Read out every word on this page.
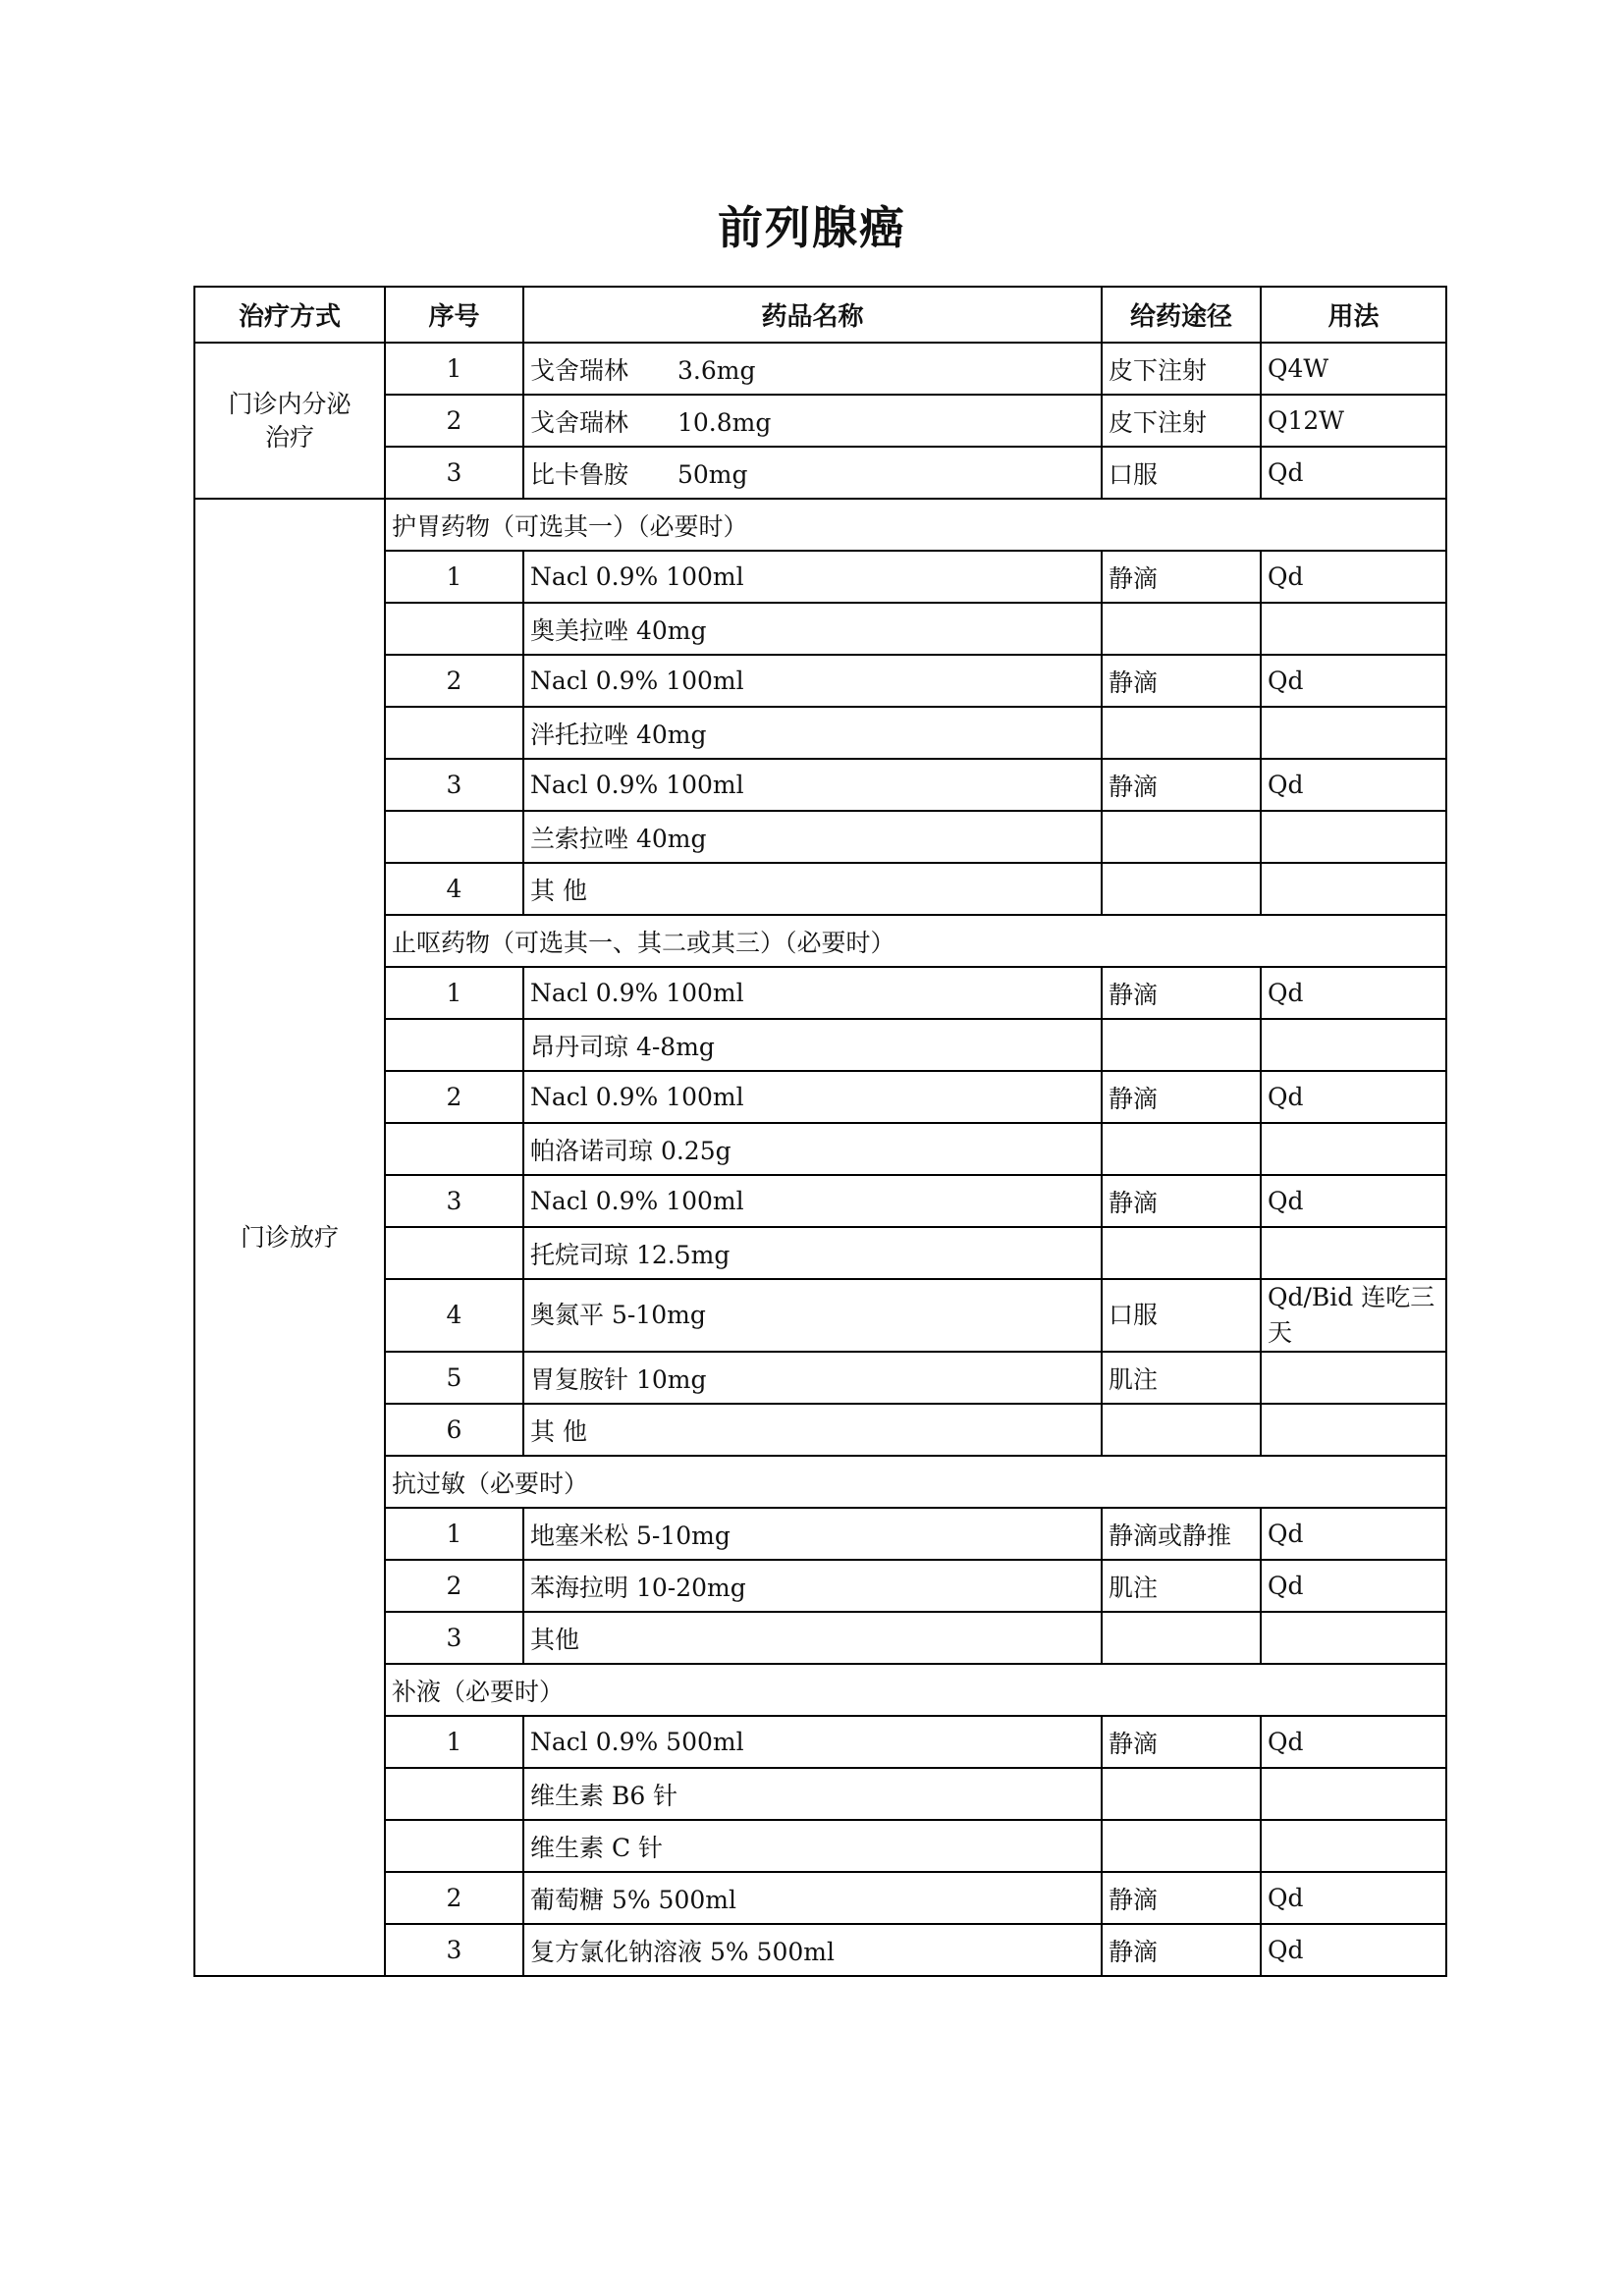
前列腺癌
治疗方式	序号	药品名称	给药途径	用法

门诊内分泌
治疗	1	戈舍瑞林　　3.6mg	皮下注射	Q4W
	2	戈舍瑞林　　10.8mg	皮下注射	Q12W
	3	比卡鲁胺　　50mg	口服	Qd
门诊放疗	护胃药物（可选其一）（必要时）			
	1	Nacl 0.9% 100ml	静滴	Qd
		奥美拉唑 40mg		
	2	Nacl 0.9% 100ml	静滴	Qd
		泮托拉唑 40mg		
	3	Nacl 0.9% 100ml	静滴	Qd
		兰索拉唑 40mg		
	4	其 他		
	止呕药物（可选其一、其二或其三）（必要时）			
	1	Nacl 0.9% 100ml	静滴	Qd
		昂丹司琼 4-8mg		
	2	Nacl 0.9% 100ml	静滴	Qd
		帕洛诺司琼 0.25g		
	3	Nacl 0.9% 100ml	静滴	Qd
		托烷司琼 12.5mg		
	4	奥氮平 5-10mg	口服	Qd/Bid 连吃三天
	5	胃复胺针 10mg	肌注	
	6	其 他		
	抗过敏（必要时）			
	1	地塞米松 5-10mg	静滴或静推	Qd
	2	苯海拉明 10-20mg	肌注	Qd
	3	其他		
	补液（必要时）			
	1	Nacl 0.9% 500ml	静滴	Qd
		维生素 B6 针		
		维生素 C 针		
	2	葡萄糖 5% 500ml	静滴	Qd
	3	复方氯化钠溶液 5% 500ml	静滴	Qd
